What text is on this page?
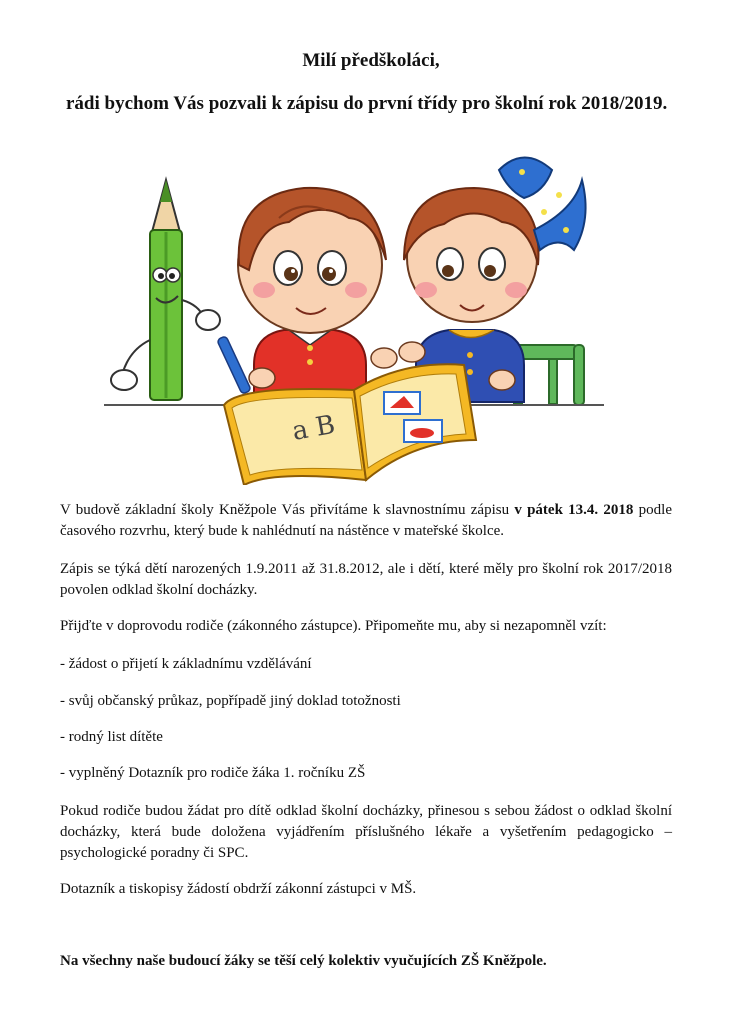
Milí předškoláci,
rádi bychom Vás pozvali k zápisu do první třídy pro školní rok 2018/2019.
a B
V budově základní školy Kněžpole Vás přivítáme k slavnostnímu zápisu v pátek 13.4. 2018 podle časového rozvrhu, který bude k nahlédnutí na nástěnce v mateřské školce.
Zápis se týká dětí narozených 1.9.2011 až 31.8.2012, ale i dětí, které měly pro školní rok 2017/2018 povolen odklad školní docházky.
Přijďte v doprovodu rodiče (zákonného zástupce). Připomeňte mu, aby si nezapomněl vzít:
- žádost o přijetí k základnímu vzdělávání
- svůj občanský průkaz, popřípadě jiný doklad totožnosti
- rodný list dítěte
- vyplněný Dotazník pro rodiče žáka 1. ročníku ZŠ
Pokud rodiče budou žádat pro dítě odklad školní docházky, přinesou s sebou žádost o odklad školní docházky, která bude doložena vyjádřením příslušného lékaře a vyšetřením pedagogicko – psychologické poradny či SPC.
Dotazník a tiskopisy žádostí obdrží zákonní zástupci v MŠ.
Na všechny naše budoucí žáky se těší celý kolektiv vyučujících ZŠ Kněžpole.
